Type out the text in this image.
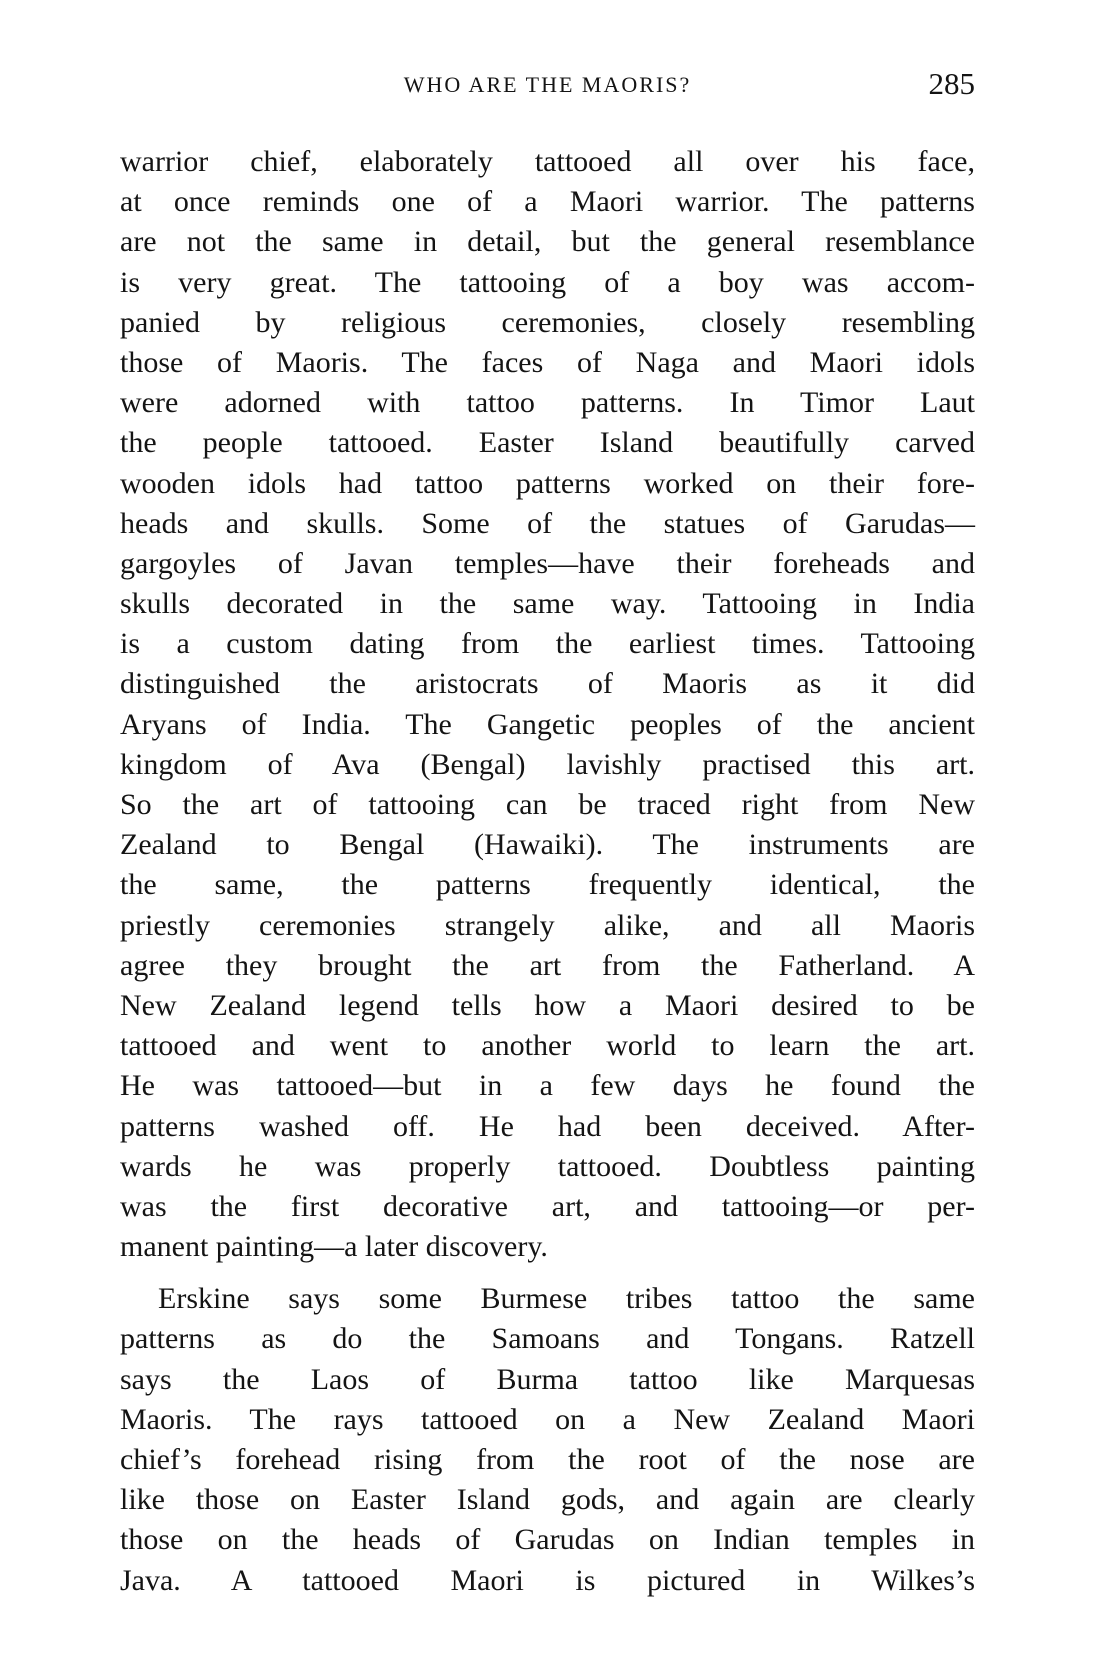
WHO ARE THE MAORIS?	285
warrior chief, elaborately tattooed all over his face,
at once reminds one of a Maori warrior. The patterns
are not the same in detail, but the general resemblance
is very great. The tattooing of a boy was accom-
panied by religious ceremonies, closely resembling
those of Maoris. The faces of Naga and Maori idols
were adorned with tattoo patterns. In Timor Laut
the people tattooed. Easter Island beautifully carved
wooden idols had tattoo patterns worked on their fore-
heads and skulls. Some of the statues of Garudas—
gargoyles of Javan temples—have their foreheads and
skulls decorated in the same way. Tattooing in India
is a custom dating from the earliest times. Tattooing
distinguished the aristocrats of Maoris as it did
Aryans of India. The Gangetic peoples of the ancient
kingdom of Ava (Bengal) lavishly practised this art.
So the art of tattooing can be traced right from New
Zealand to Bengal (Hawaiki). The instruments are
the same, the patterns frequently identical, the
priestly ceremonies strangely alike, and all Maoris
agree they brought the art from the Fatherland. A
New Zealand legend tells how a Maori desired to be
tattooed and went to another world to learn the art.
He was tattooed—but in a few days he found the
patterns washed off. He had been deceived. After-
wards he was properly tattooed. Doubtless painting
was the first decorative art, and tattooing—or per-
manent painting—a later discovery.
Erskine says some Burmese tribes tattoo the same
patterns as do the Samoans and Tongans. Ratzell
says the Laos of Burma tattoo like Marquesas
Maoris. The rays tattooed on a New Zealand Maori
chief’s forehead rising from the root of the nose are
like those on Easter Island gods, and again are clearly
those on the heads of Garudas on Indian temples in
Java. A tattooed Maori is pictured in Wilkes’s
